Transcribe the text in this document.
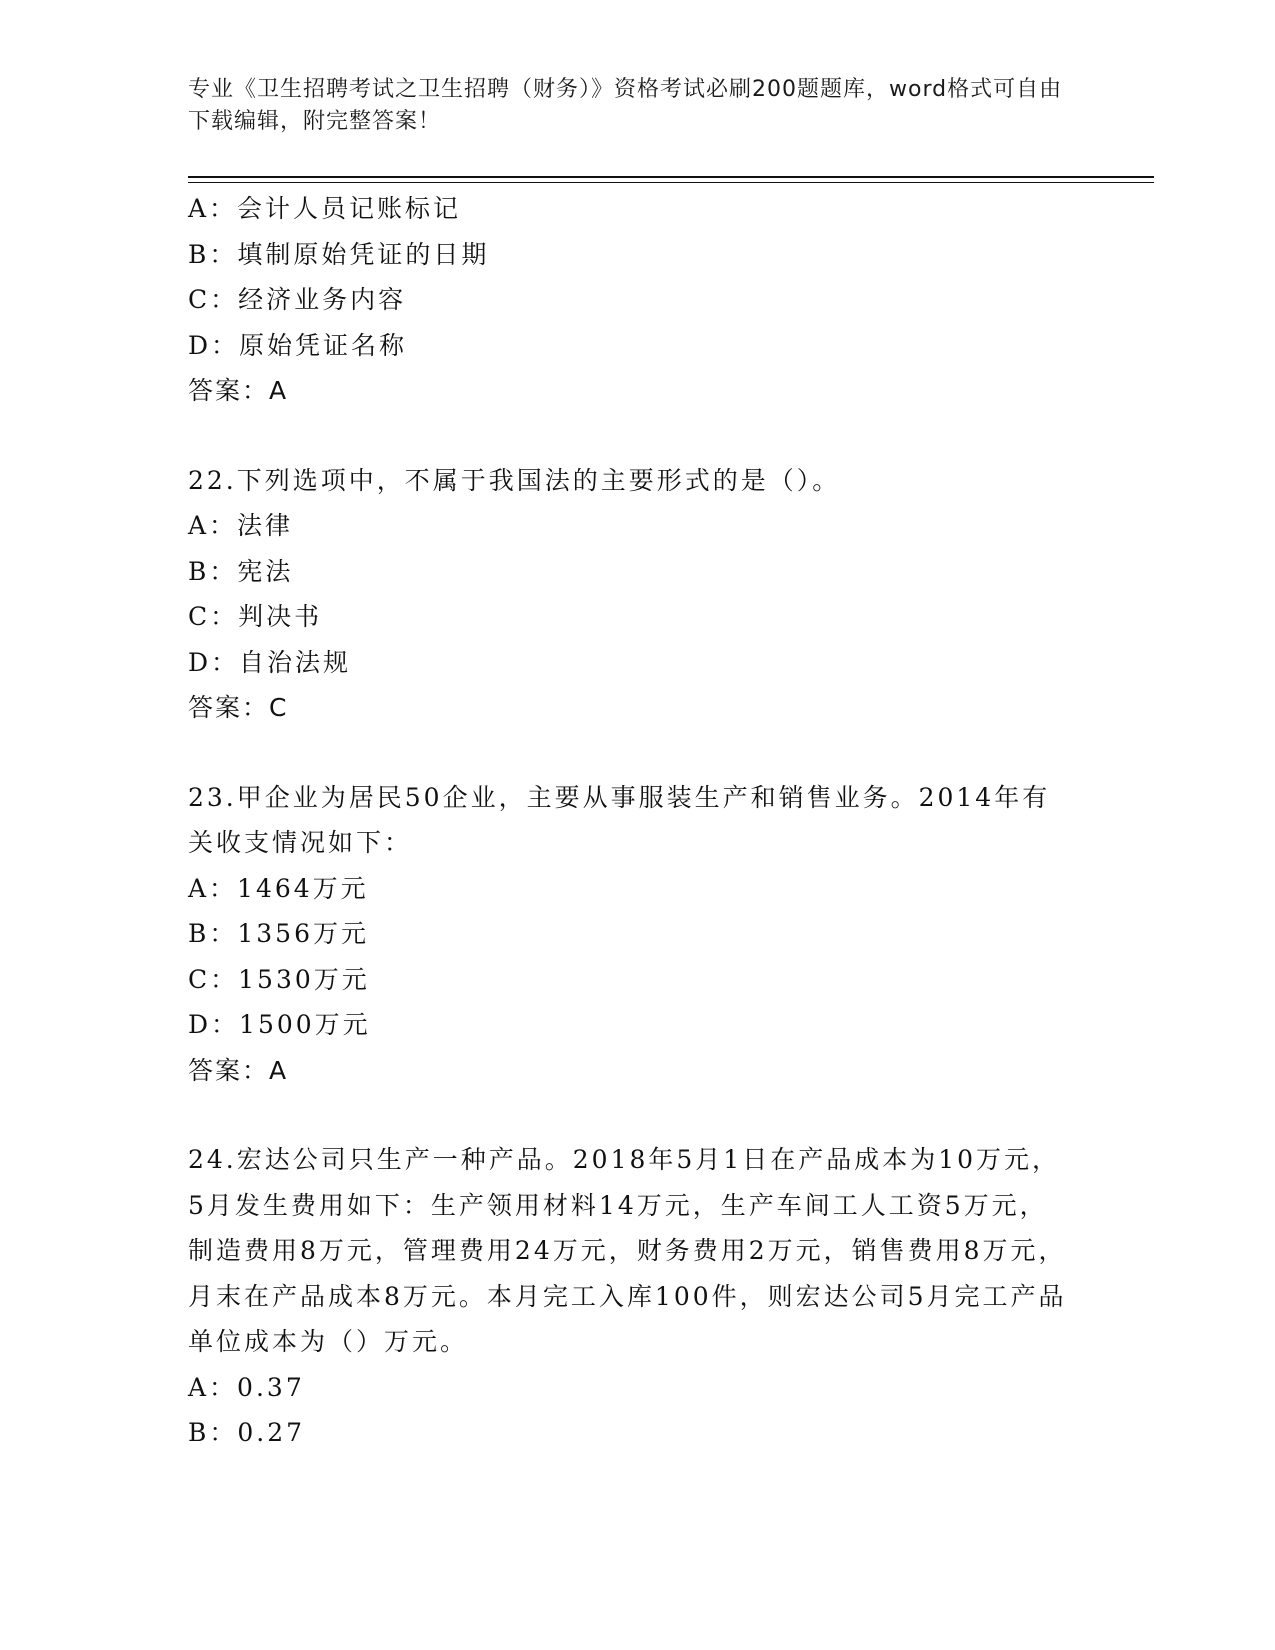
专业《卫生招聘考试之卫生招聘（财务）》资格考试必刷200题题库，word格式可自由下载编辑，附完整答案！
A：会计人员记账标记
B：填制原始凭证的日期
C：经济业务内容
D：原始凭证名称
答案：A
22.下列选项中，不属于我国法的主要形式的是（）。
A：法律
B：宪法
C：判决书
D：自治法规
答案：C
23.甲企业为居民50企业，主要从事服装生产和销售业务。2014年有关收支情况如下：
A：1464万元
B：1356万元
C：1530万元
D：1500万元
答案：A
24.宏达公司只生产一种产品。2018年5月1日在产品成本为10万元，5月发生费用如下：生产领用材料14万元，生产车间工人工资5万元，制造费用8万元，管理费用24万元，财务费用2万元，销售费用8万元，月末在产品成本8万元。本月完工入库100件，则宏达公司5月完工产品单位成本为（）万元。
A：0.37
B：0.27
